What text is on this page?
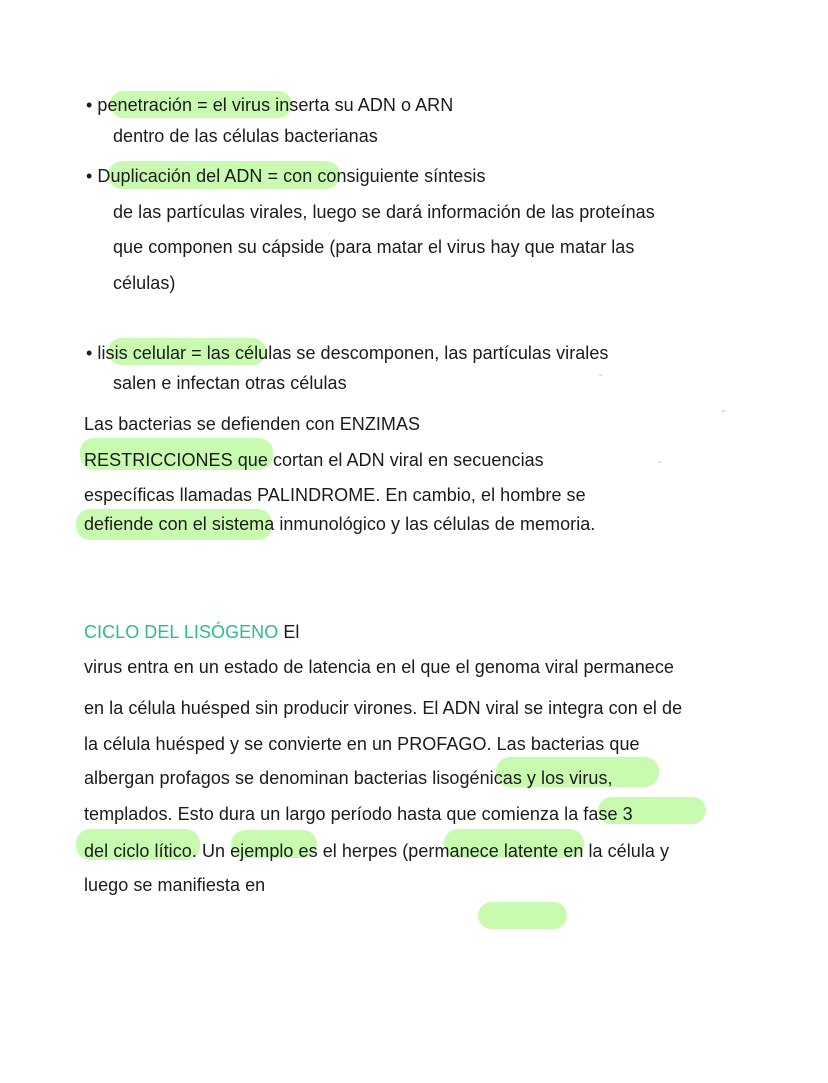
• penetración = el virus inserta su ADN o ARN
dentro de las células bacterianas
• Duplicación del ADN = con consiguiente síntesis
de las partículas virales, luego se dará información de las proteínas
que componen su cápside (para matar el virus hay que matar las
células)
• lisis celular = las células se descomponen, las partículas virales
salen e infectan otras células
Las bacterias se defienden con ENZIMAS
RESTRICCIONES que cortan el ADN viral en secuencias
específicas llamadas PALINDROME. En cambio, el hombre se
defiende con el sistema inmunológico y las células de memoria.
CICLO DEL LISÓGENO El
virus entra en un estado de latencia en el que el genoma viral permanece
en la célula huésped sin producir virones. El ADN viral se integra con el de
la célula huésped y se convierte en un PROFAGO. Las bacterias que
albergan profagos se denominan bacterias lisogénicas y los virus,
templados. Esto dura un largo período hasta que comienza la fase 3
del ciclo lítico. Un ejemplo es el herpes (permanece latente en la célula y
luego se manifiesta en
